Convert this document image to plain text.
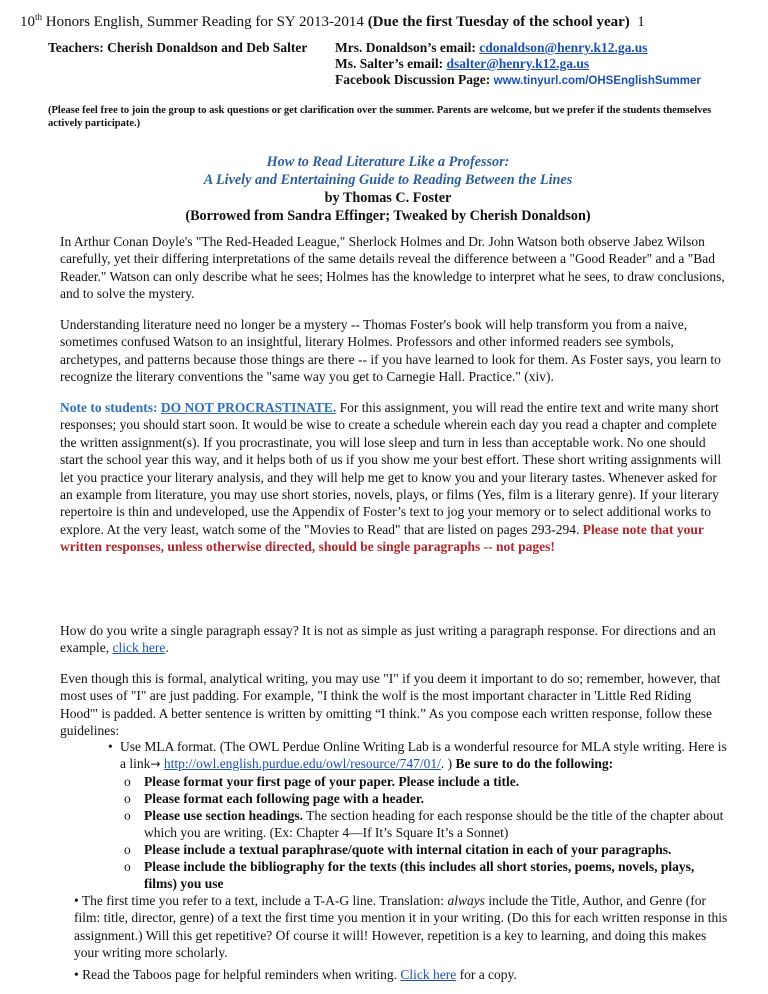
10th Honors English, Summer Reading for SY 2013-2014 (Due the first Tuesday of the school year) 1
Teachers: Cherish Donaldson and Deb Salter Mrs. Donaldson’s email: cdonaldson@henry.k12.ga.us
Ms. Salter’s email: dsalter@henry.k12.ga.us
Facebook Discussion Page: www.tinyurl.com/OHSEnglishSummer
(Please feel free to join the group to ask questions or get clarification over the summer. Parents are welcome, but we prefer if the students themselves actively participate.)
How to Read Literature Like a Professor:
A Lively and Entertaining Guide to Reading Between the Lines
by Thomas C. Foster
(Borrowed from Sandra Effinger; Tweaked by Cherish Donaldson)
In Arthur Conan Doyle's "The Red-Headed League," Sherlock Holmes and Dr. John Watson both observe Jabez Wilson carefully, yet their differing interpretations of the same details reveal the difference between a "Good Reader" and a "Bad Reader." Watson can only describe what he sees; Holmes has the knowledge to interpret what he sees, to draw conclusions, and to solve the mystery.
Understanding literature need no longer be a mystery -- Thomas Foster's book will help transform you from a naive, sometimes confused Watson to an insightful, literary Holmes. Professors and other informed readers see symbols, archetypes, and patterns because those things are there -- if you have learned to look for them. As Foster says, you learn to recognize the literary conventions the "same way you get to Carnegie Hall. Practice." (xiv).
Note to students: DO NOT PROCRASTINATE. For this assignment, you will read the entire text and write many short responses; you should start soon. It would be wise to create a schedule wherein each day you read a chapter and complete the written assignment(s). If you procrastinate, you will lose sleep and turn in less than acceptable work. No one should start the school year this way, and it helps both of us if you show me your best effort. These short writing assignments will let you practice your literary analysis, and they will help me get to know you and your literary tastes. Whenever asked for an example from literature, you may use short stories, novels, plays, or films (Yes, film is a literary genre). If your literary repertoire is thin and undeveloped, use the Appendix of Foster’s text to jog your memory or to select additional works to explore. At the very least, watch some of the "Movies to Read" that are listed on pages 293-294. Please note that your written responses, unless otherwise directed, should be single paragraphs -- not pages!
How do you write a single paragraph essay? It is not as simple as just writing a paragraph response. For directions and an example, click here.
Even though this is formal, analytical writing, you may use "I" if you deem it important to do so; remember, however, that most uses of "I" are just padding. For example, "I think the wolf is the most important character in 'Little Red Riding Hood'" is padded. A better sentence is written by omitting “I think.” As you compose each written response, follow these guidelines:
• Use MLA format. (The OWL Perdue Online Writing Lab is a wonderful resource for MLA style writing. Here is a link→ http://owl.english.purdue.edu/owl/resource/747/01/. ) Be sure to do the following:
o Please format your first page of your paper. Please include a title.
o Please format each following page with a header.
o Please use section headings. The section heading for each response should be the title of the chapter about which you are writing. (Ex: Chapter 4—If It’s Square It’s a Sonnet)
o Please include a textual paraphrase/quote with internal citation in each of your paragraphs.
o Please include the bibliography for the texts (this includes all short stories, poems, novels, plays, films) you use
• The first time you refer to a text, include a T-A-G line. Translation: always include the Title, Author, and Genre (for film: title, director, genre) of a text the first time you mention it in your writing. (Do this for each written response in this assignment.) Will this get repetitive? Of course it will! However, repetition is a key to learning, and doing this makes your writing more scholarly.
• Read the Taboos page for helpful reminders when writing. Click here for a copy.
